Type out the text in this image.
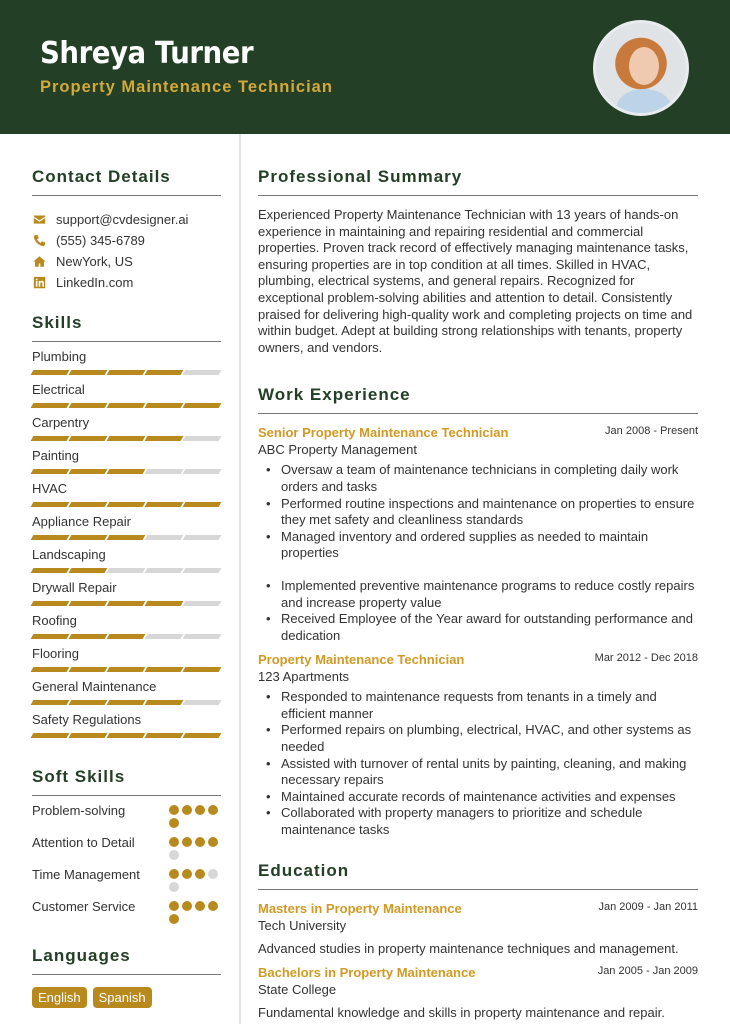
Shreya Turner
Property Maintenance Technician
Contact Details
support@cvdesigner.ai
(555) 345-6789
NewYork, US
LinkedIn.com
Skills
Plumbing
Electrical
Carpentry
Painting
HVAC
Appliance Repair
Landscaping
Drywall Repair
Roofing
Flooring
General Maintenance
Safety Regulations
Soft Skills
Problem-solving
Attention to Detail
Time Management
Customer Service
Languages
English	Spanish
Professional Summary
Experienced Property Maintenance Technician with 13 years of hands-on experience in maintaining and repairing residential and commercial properties. Proven track record of effectively managing maintenance tasks, ensuring properties are in top condition at all times. Skilled in HVAC, plumbing, electrical systems, and general repairs. Recognized for exceptional problem-solving abilities and attention to detail. Consistently praised for delivering high-quality work and completing projects on time and within budget. Adept at building strong relationships with tenants, property owners, and vendors.
Work Experience
Senior Property Maintenance Technician	Jan 2008 - Present
ABC Property Management
• Oversaw a team of maintenance technicians in completing daily work orders and tasks
• Performed routine inspections and maintenance on properties to ensure they met safety and cleanliness standards
• Managed inventory and ordered supplies as needed to maintain properties
• Implemented preventive maintenance programs to reduce costly repairs and increase property value
• Received Employee of the Year award for outstanding performance and dedication
Property Maintenance Technician	Mar 2012 - Dec 2018
123 Apartments
• Responded to maintenance requests from tenants in a timely and efficient manner
• Performed repairs on plumbing, electrical, HVAC, and other systems as needed
• Assisted with turnover of rental units by painting, cleaning, and making necessary repairs
• Maintained accurate records of maintenance activities and expenses
• Collaborated with property managers to prioritize and schedule maintenance tasks
Education
Masters in Property Maintenance	Jan 2009 - Jan 2011
Tech University
Advanced studies in property maintenance techniques and management.
Bachelors in Property Maintenance	Jan 2005 - Jan 2009
State College
Fundamental knowledge and skills in property maintenance and repair.
